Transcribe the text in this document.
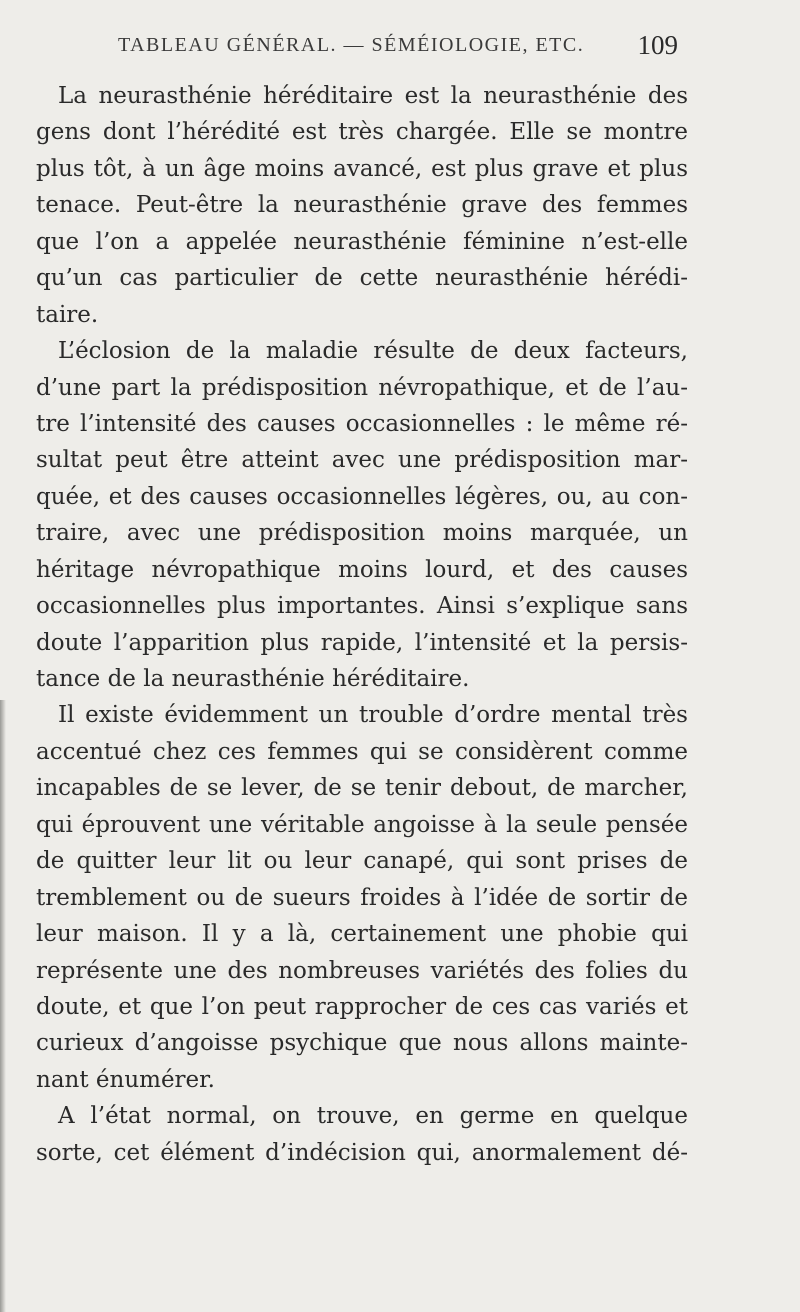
TABLEAU GÉNÉRAL. — SÉMÉIOLOGIE, ETC. 109
La neurasthénie héréditaire est la neurasthénie des
gens dont l’hérédité est très chargée. Elle se montre
plus tôt, à un âge moins avancé, est plus grave et plus
tenace. Peut-être la neurasthénie grave des femmes
que l’on a appelée neurasthénie féminine n’est-elle
qu’un cas particulier de cette neurasthénie hérédi-
taire.
L’éclosion de la maladie résulte de deux facteurs,
d’une part la prédisposition névropathique, et de l’au-
tre l’intensité des causes occasionnelles : le même ré-
sultat peut être atteint avec une prédisposition mar-
quée, et des causes occasionnelles légères, ou, au con-
traire, avec une prédisposition moins marquée, un
héritage névropathique moins lourd, et des causes
occasionnelles plus importantes. Ainsi s’explique sans
doute l’apparition plus rapide, l’intensité et la persis-
tance de la neurasthénie héréditaire.
Il existe évidemment un trouble d’ordre mental très
accentué chez ces femmes qui se considèrent comme
incapables de se lever, de se tenir debout, de marcher,
qui éprouvent une véritable angoisse à la seule pensée
de quitter leur lit ou leur canapé, qui sont prises de
tremblement ou de sueurs froides à l’idée de sortir de
leur maison. Il y a là, certainement une phobie qui
représente une des nombreuses variétés des folies du
doute, et que l’on peut rapprocher de ces cas variés et
curieux d’angoisse psychique que nous allons mainte-
nant énumérer.
A l’état normal, on trouve, en germe en quelque
sorte, cet élément d’indécision qui, anormalement dé-
